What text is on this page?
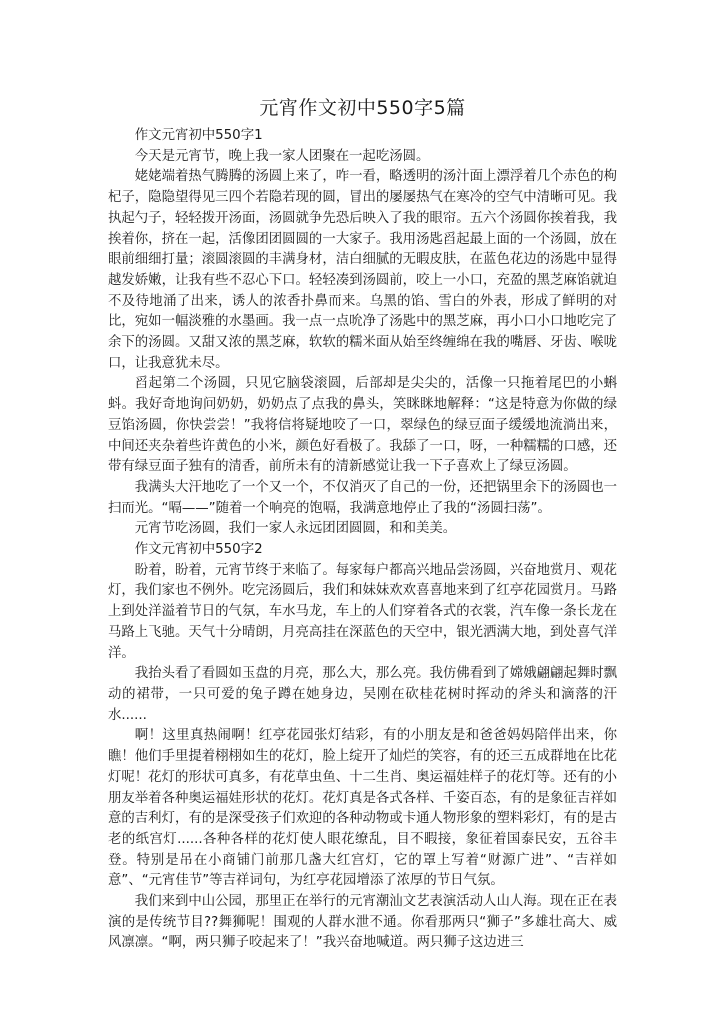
元宵作文初中550字5篇

作文元宵初中550字1

今天是元宵节，晚上我一家人团聚在一起吃汤圆。

姥姥端着热气腾腾的汤圆上来了，咋一看，略透明的汤汁面上漂浮着几个赤色的枸杞子，隐隐望得见三四个若隐若现的圆，冒出的屡屡热气在寒冷的空气中清晰可见。我执起勺子，轻轻拨开汤面，汤圆就争先恐后映入了我的眼帘。五六个汤圆你挨着我，我挨着你，挤在一起，活像团团圆圆的一大家子。我用汤匙舀起最上面的一个汤圆，放在眼前细细打量；滚圆滚圆的丰满身材，洁白细腻的无暇皮肤，在蓝色花边的汤匙中显得越发娇嫩，让我有些不忍心下口。轻轻凑到汤圆前，咬上一小口，充盈的黑芝麻馅就迫不及待地涌了出来，诱人的浓香扑鼻而来。乌黑的馅、雪白的外表，形成了鲜明的对比，宛如一幅淡雅的水墨画。我一点一点吮净了汤匙中的黑芝麻，再小口小口地吃完了余下的汤圆。又甜又浓的黑芝麻，软软的糯米面从始至终缠绵在我的嘴唇、牙齿、喉咙口，让我意犹未尽。

舀起第二个汤圆，只见它脑袋滚圆，后部却是尖尖的，活像一只拖着尾巴的小蝌蚪。我好奇地询问奶奶，奶奶点了点我的鼻头，笑眯眯地解释：“这是特意为你做的绿豆馅汤圆，你快尝尝！”我将信将疑地咬了一口，翠绿色的绿豆面子缓缓地流淌出来，中间还夹杂着些许黄色的小米，颜色好看极了。我舔了一口，呀，一种糯糯的口感，还带有绿豆面子独有的清香，前所未有的清新感觉让我一下子喜欢上了绿豆汤圆。

我满头大汗地吃了一个又一个，不仅消灭了自己的一份，还把锅里余下的汤圆也一扫而光。“嗝——”随着一个响亮的饱嗝，我满意地停止了我的“汤圆扫荡”。

元宵节吃汤圆，我们一家人永远团团圆圆，和和美美。

作文元宵初中550字2

盼着，盼着，元宵节终于来临了。每家每户都高兴地品尝汤圆，兴奋地赏月、观花灯，我们家也不例外。吃完汤圆后，我们和妹妹欢欢喜喜地来到了红亭花园赏月。马路上到处洋溢着节日的气氛，车水马龙，车上的人们穿着各式的衣裳，汽车像一条长龙在马路上飞驰。天气十分晴朗，月亮高挂在深蓝色的天空中，银光洒满大地，到处喜气洋洋。

我抬头看了看圆如玉盘的月亮，那么大，那么亮。我仿佛看到了嫦娥翩翩起舞时飘动的裙带，一只可爱的兔子蹲在她身边，吴刚在砍桂花树时挥动的斧头和滴落的汗水......

啊！这里真热闹啊！红亭花园张灯结彩，有的小朋友是和爸爸妈妈陪伴出来，你瞧！他们手里提着栩栩如生的花灯，脸上绽开了灿烂的笑容，有的还三五成群地在比花灯呢！花灯的形状可真多，有花草虫鱼、十二生肖、奥运福娃样子的花灯等。还有的小朋友举着各种奥运福娃形状的花灯。花灯真是各式各样、千姿百态，有的是象征吉祥如意的吉利灯，有的是深受孩子们欢迎的各种动物或卡通人物形象的塑料彩灯，有的是古老的纸宫灯......各种各样的花灯使人眼花缭乱，目不暇接，象征着国泰民安，五谷丰登。特别是吊在小商铺门前那几盏大红宫灯，它的罩上写着“财源广进”、“吉祥如意”、“元宵佳节”等吉祥词句，为红亭花园增添了浓厚的节日气氛。

我们来到中山公园，那里正在举行的元宵潮汕文艺表演活动人山人海。现在正在表演的是传统节目??舞狮呢！围观的人群水泄不通。你看那两只“狮子”多雄壮高大、威风凛凛。“啊，两只狮子咬起来了！”我兴奋地喊道。两只狮子这边进三
